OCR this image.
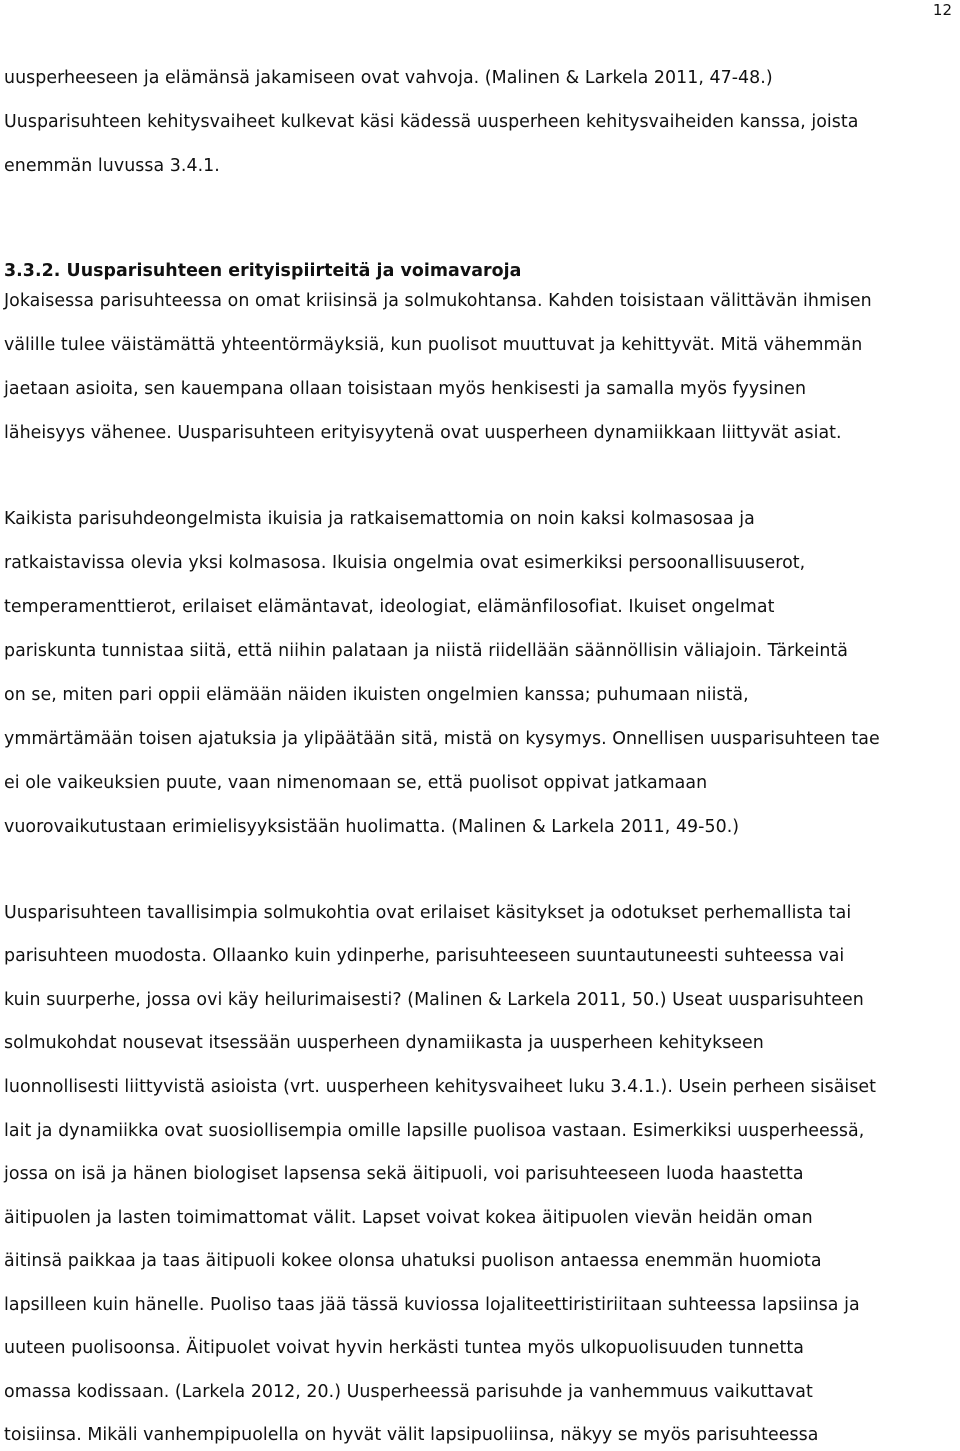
12
uusperheeseen ja elämänsä jakamiseen ovat vahvoja. (Malinen & Larkela 2011, 47-48.)
Uusparisuhteen kehitysvaiheet kulkevat käsi kädessä uusperheen kehitysvaiheiden kanssa, joista
enemmän luvussa 3.4.1.
3.3.2. Uusparisuhteen erityispiirteitä ja voimavaroja
Jokaisessa parisuhteessa on omat kriisinsä ja solmukohtansa. Kahden toisistaan välittävän ihmisen
välille tulee väistämättä yhteentörmäyksiä, kun puolisot muuttuvat ja kehittyvät. Mitä vähemmän
jaetaan asioita, sen kauempana ollaan toisistaan myös henkisesti ja samalla myös fyysinen
läheisyys vähenee. Uusparisuhteen erityisyytenä ovat uusperheen dynamiikkaan liittyvät asiat.
Kaikista parisuhdeongelmista ikuisia ja ratkaisemattomia on noin kaksi kolmasosaa ja
ratkaistavissa olevia yksi kolmasosa. Ikuisia ongelmia ovat esimerkiksi persoonallisuuserot,
temperamenttierot, erilaiset elämäntavat, ideologiat, elämänfilosofiat. Ikuiset ongelmat
pariskunta tunnistaa siitä, että niihin palataan ja niistä riidellään säännöllisin väliajoin. Tärkeintä
on se, miten pari oppii elämään näiden ikuisten ongelmien kanssa; puhumaan niistä,
ymmärtämään toisen ajatuksia ja ylipäätään sitä, mistä on kysymys. Onnellisen uusparisuhteen tae
ei ole vaikeuksien puute, vaan nimenomaan se, että puolisot oppivat jatkamaan
vuorovaikutustaan erimielisyyksistään huolimatta. (Malinen & Larkela 2011, 49-50.)
Uusparisuhteen tavallisimpia solmukohtia ovat erilaiset käsitykset ja odotukset perhemallista tai
parisuhteen muodosta. Ollaanko kuin ydinperhe, parisuhteeseen suuntautuneesti suhteessa vai
kuin suurperhe, jossa ovi käy heilurimaisesti? (Malinen & Larkela 2011, 50.) Useat uusparisuhteen
solmukohdat nousevat itsessään uusperheen dynamiikasta ja uusperheen kehitykseen
luonnollisesti liittyvistä asioista (vrt. uusperheen kehitysvaiheet luku 3.4.1.). Usein perheen sisäiset
lait ja dynamiikka ovat suosiollisempia omille lapsille puolisoa vastaan. Esimerkiksi uusperheessä,
jossa on isä ja hänen biologiset lapsensa sekä äitipuoli, voi parisuhteeseen luoda haastetta
äitipuolen ja lasten toimimattomat välit. Lapset voivat kokea äitipuolen vievän heidän oman
äitinsä paikkaa ja taas äitipuoli kokee olonsa uhatuksi puolison antaessa enemmän huomiota
lapsilleen kuin hänelle. Puoliso taas jää tässä kuviossa lojaliteettiristiriitaan suhteessa lapsiinsa ja
uuteen puolisoonsa. Äitipuolet voivat hyvin herkästi tuntea myös ulkopuolisuuden tunnetta
omassa kodissaan. (Larkela 2012, 20.) Uusperheessä parisuhde ja vanhemmuus vaikuttavat
toisiinsa. Mikäli vanhempipuolella on hyvät välit lapsipuoliinsa, näkyy se myös parisuhteessa
